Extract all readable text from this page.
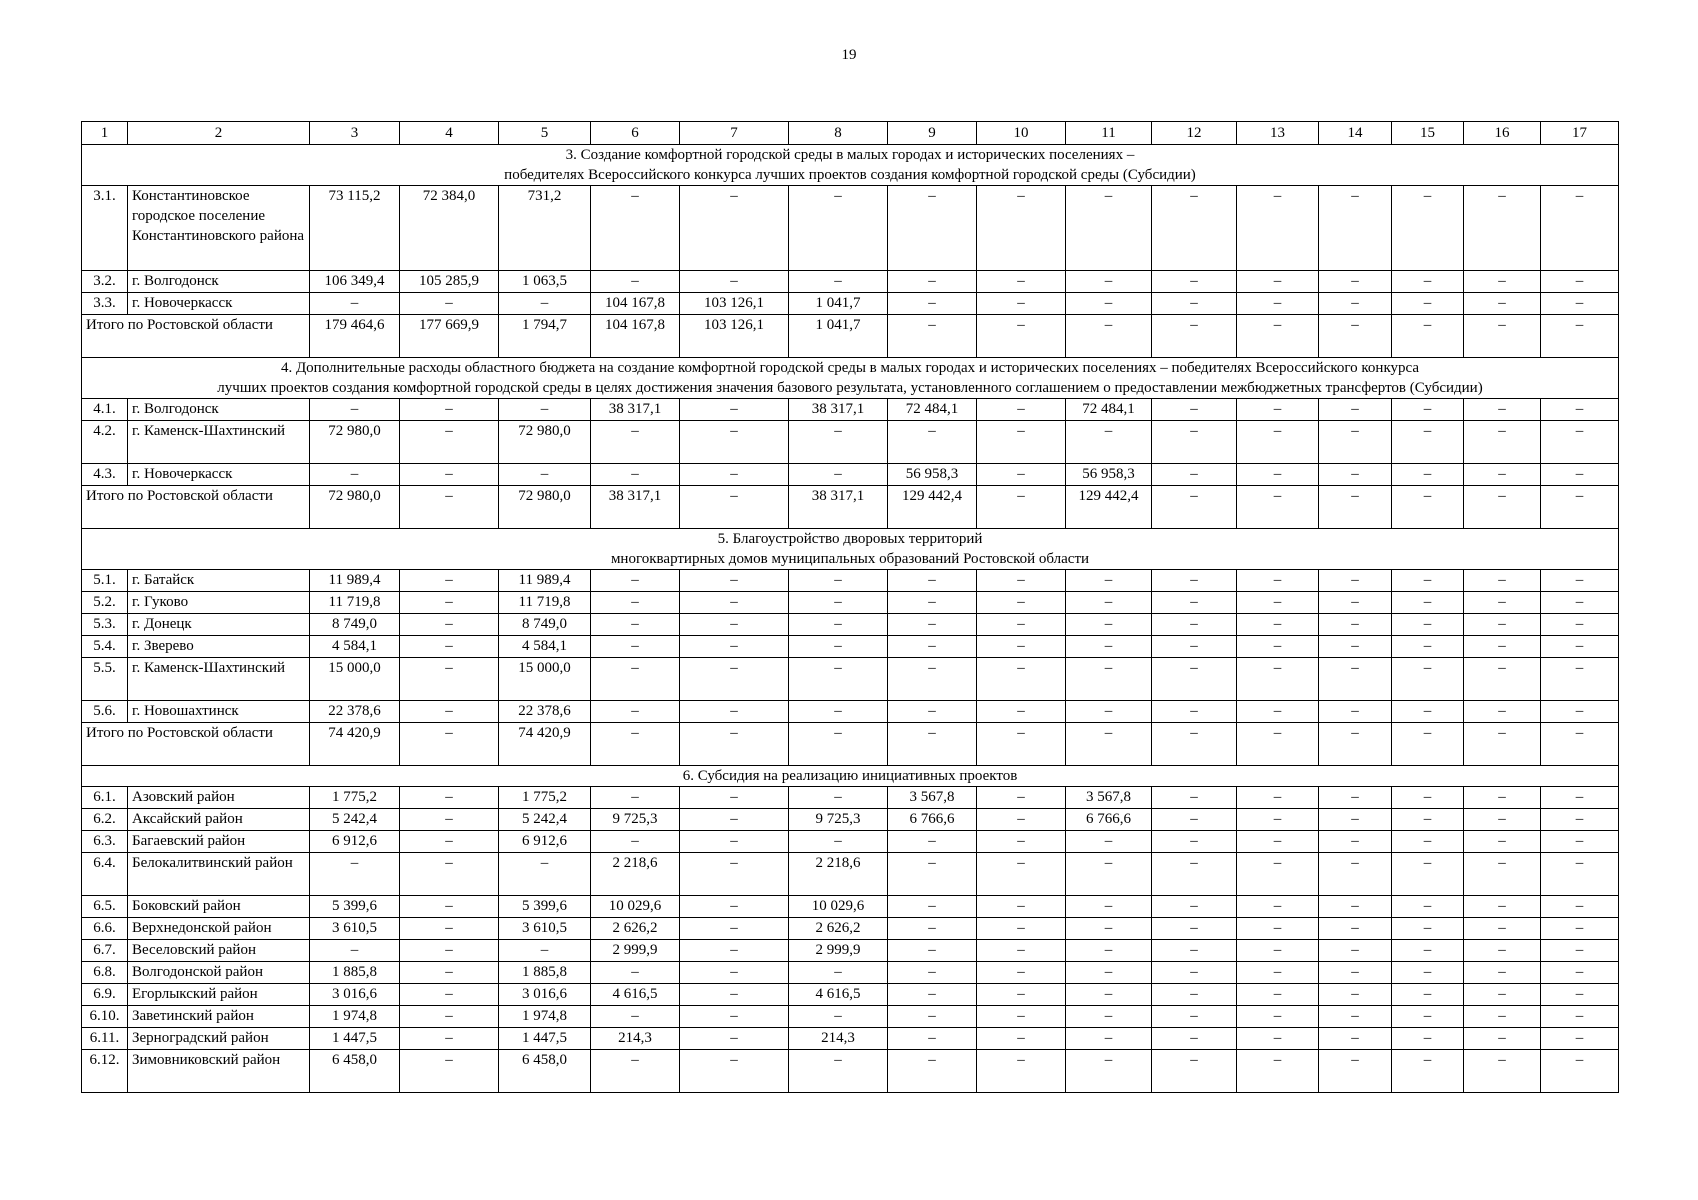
19
1	2	3	4	5	6	7	8	9	10	11	12	13	14	15	16	17

3. Создание комфортной городской среды в малых городах и исторических поселениях –
победителях Всероссийского конкурса лучших проектов создания комфортной городской среды (Субсидии)																

3.1.	Константиновское городское поселение Константиновского района	73 115,2	72 384,0	731,2	–	–	–	–	–	–	–	–	–	–	–	–
3.2.	г. Волгодонск	106 349,4	105 285,9	1 063,5	–	–	–	–	–	–	–	–	–	–	–	–
3.3.	г. Новочеркасск	–	–	–	104 167,8	103 126,1	1 041,7	–	–	–	–	–	–	–	–	–
Итого по Ростовской области		179 464,6	177 669,9	1 794,7	104 167,8	103 126,1	1 041,7	–	–	–	–	–	–	–	–	–

4. Дополнительные расходы областного бюджета на создание комфортной городской среды в малых городах и исторических поселениях – победителях Всероссийского конкурса
лучших проектов создания комфортной городской среды в целях достижения значения базового результата, установленного соглашением о предоставлении межбюджетных трансфертов (Субсидии)																

4.1.	г. Волгодонск	–	–	–	38 317,1	–	38 317,1	72 484,1	–	72 484,1	–	–	–	–	–	–
4.2.	г. Каменск-Шахтинский	72 980,0	–	72 980,0	–	–	–	–	–	–	–	–	–	–	–	–
4.3.	г. Новочеркасск	–	–	–	–	–	–	56 958,3	–	56 958,3	–	–	–	–	–	–
Итого по Ростовской области		72 980,0	–	72 980,0	38 317,1	–	38 317,1	129 442,4	–	129 442,4	–	–	–	–	–	–

5. Благоустройство дворовых территорий
многоквартирных домов муниципальных образований Ростовской области																

5.1.	г. Батайск	11 989,4	–	11 989,4	–	–	–	–	–	–	–	–	–	–	–	–
5.2.	г. Гуково	11 719,8	–	11 719,8	–	–	–	–	–	–	–	–	–	–	–	–
5.3.	г. Донецк	8 749,0	–	8 749,0	–	–	–	–	–	–	–	–	–	–	–	–
5.4.	г. Зверево	4 584,1	–	4 584,1	–	–	–	–	–	–	–	–	–	–	–	–
5.5.	г. Каменск-Шахтинский	15 000,0	–	15 000,0	–	–	–	–	–	–	–	–	–	–	–	–
5.6.	г. Новошахтинск	22 378,6	–	22 378,6	–	–	–	–	–	–	–	–	–	–	–	–
Итого по Ростовской области		74 420,9	–	74 420,9	–	–	–	–	–	–	–	–	–	–	–	–

6. Субсидия на реализацию инициативных проектов																

6.1.	Азовский район	1 775,2	–	1 775,2	–	–	–	3 567,8	–	3 567,8	–	–	–	–	–	–
6.2.	Аксайский район	5 242,4	–	5 242,4	9 725,3	–	9 725,3	6 766,6	–	6 766,6	–	–	–	–	–	–
6.3.	Багаевский район	6 912,6	–	6 912,6	–	–	–	–	–	–	–	–	–	–	–	–
6.4.	Белокалитвинский район	–	–	–	2 218,6	–	2 218,6	–	–	–	–	–	–	–	–	–
6.5.	Боковский район	5 399,6	–	5 399,6	10 029,6	–	10 029,6	–	–	–	–	–	–	–	–	–
6.6.	Верхнедонской район	3 610,5	–	3 610,5	2 626,2	–	2 626,2	–	–	–	–	–	–	–	–	–
6.7.	Веселовский район	–	–	–	2 999,9	–	2 999,9	–	–	–	–	–	–	–	–	–
6.8.	Волгодонской район	1 885,8	–	1 885,8	–	–	–	–	–	–	–	–	–	–	–	–
6.9.	Егорлыкский район	3 016,6	–	3 016,6	4 616,5	–	4 616,5	–	–	–	–	–	–	–	–	–
6.10.	Заветинский район	1 974,8	–	1 974,8	–	–	–	–	–	–	–	–	–	–	–	–
6.11.	Зерноградский район	1 447,5	–	1 447,5	214,3	–	214,3	–	–	–	–	–	–	–	–	–
6.12.	Зимовниковский район	6 458,0	–	6 458,0	–	–	–	–	–	–	–	–	–	–	–	–
